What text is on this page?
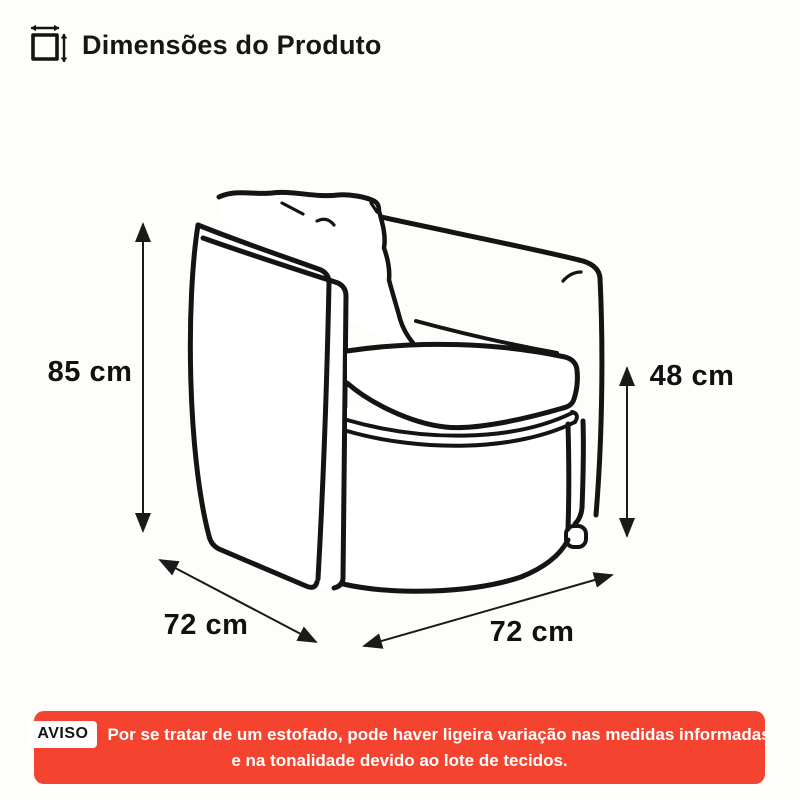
Dimensões do Produto
85 cm	48 cm
72 cm	72 cm
AVISO	Por se tratar de um estofado, pode haver ligeira variação nas medidas informadas
e na tonalidade devido ao lote de tecidos.
